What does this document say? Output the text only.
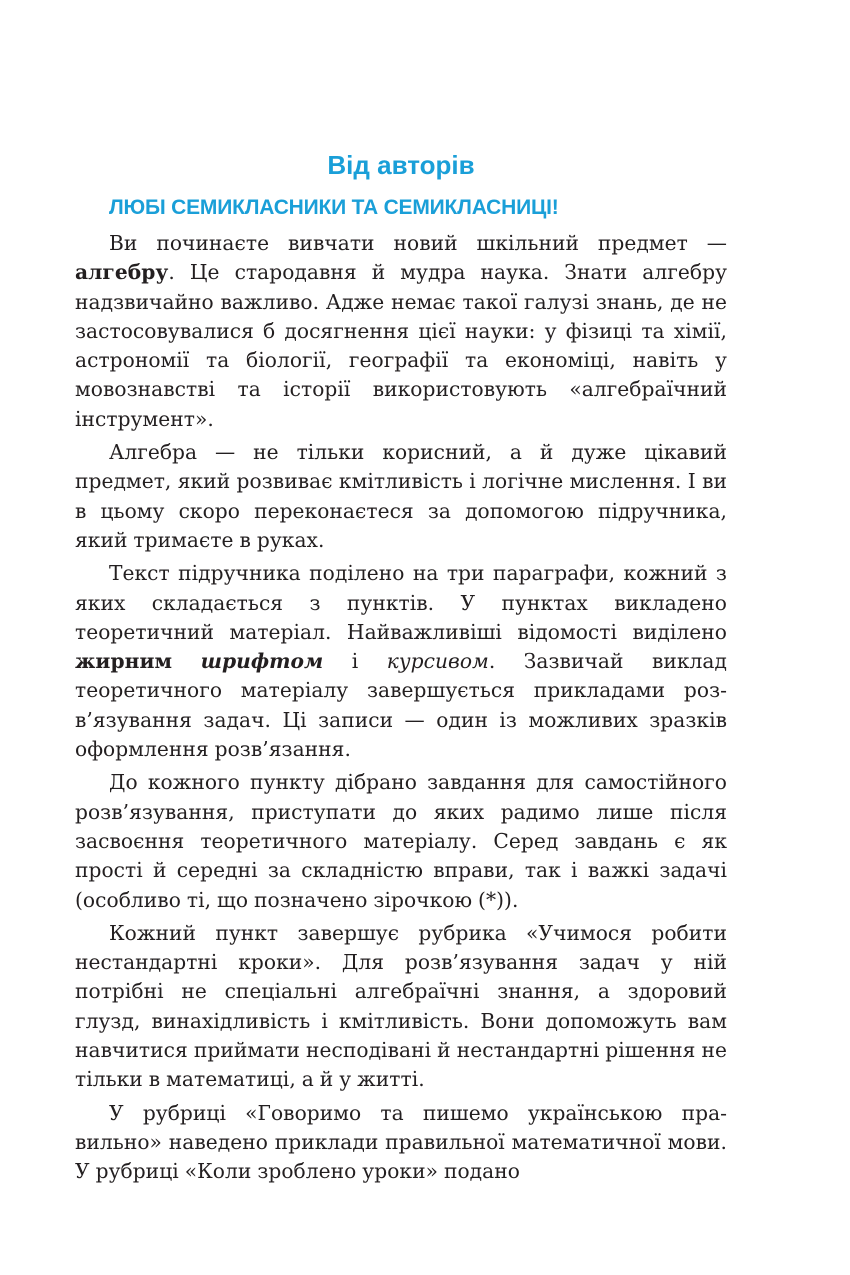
Від авторів
ЛЮБІ СЕМИКЛАСНИКИ ТА СЕМИКЛАСНИЦІ!

Ви починаєте вивчати новий шкільний предмет — алгебру. Це стародавня й мудра наука. Знати алгебру надзвичайно важливо. Адже немає такої галузі знань, де не застосовувалися б досягнення цієї науки: у фізиці та хімії, астрономії та біології, географії та економіці, навіть у мовознавстві та історії використовують «алгебраїчний інструмент».

Алгебра — не тільки корисний, а й дуже цікавий предмет, який розвиває кмітливість і логічне мислення. І ви в цьому скоро переконаєтеся за допомогою підручника, який тримаєте в руках.

Текст підручника поділено на три параграфи, кожний з яких складається з пунктів. У пунктах викладено теоретичний матеріал. Найважливіші відомості виділено жирним шрифтом і курсивом. Зазвичай виклад теоретичного матеріалу завершується прикладами розв’язування задач. Ці записи — один із можливих зразків оформлення розв’язання.

До кожного пункту дібрано завдання для самостійного розв’язування, приступати до яких радимо лише після засвоєння теоретичного матеріалу. Серед завдань є як прості й середні за складністю вправи, так і важкі задачі (особливо ті, що позначено зірочкою (*)).

Кожний пункт завершує рубрика «Учимося робити нестандартні кроки». Для розв’язування задач у ній потрібні не спеціальні алгебраїчні знання, а здоровий глузд, винахідливість і кмітливість. Вони допоможуть вам навчитися приймати несподівані й нестандартні рішення не тільки в математиці, а й у житті.

У рубриці «Говоримо та пишемо українською правильно» наведено приклади правильної математичної мови. У рубриці «Коли зроблено уроки» подано
